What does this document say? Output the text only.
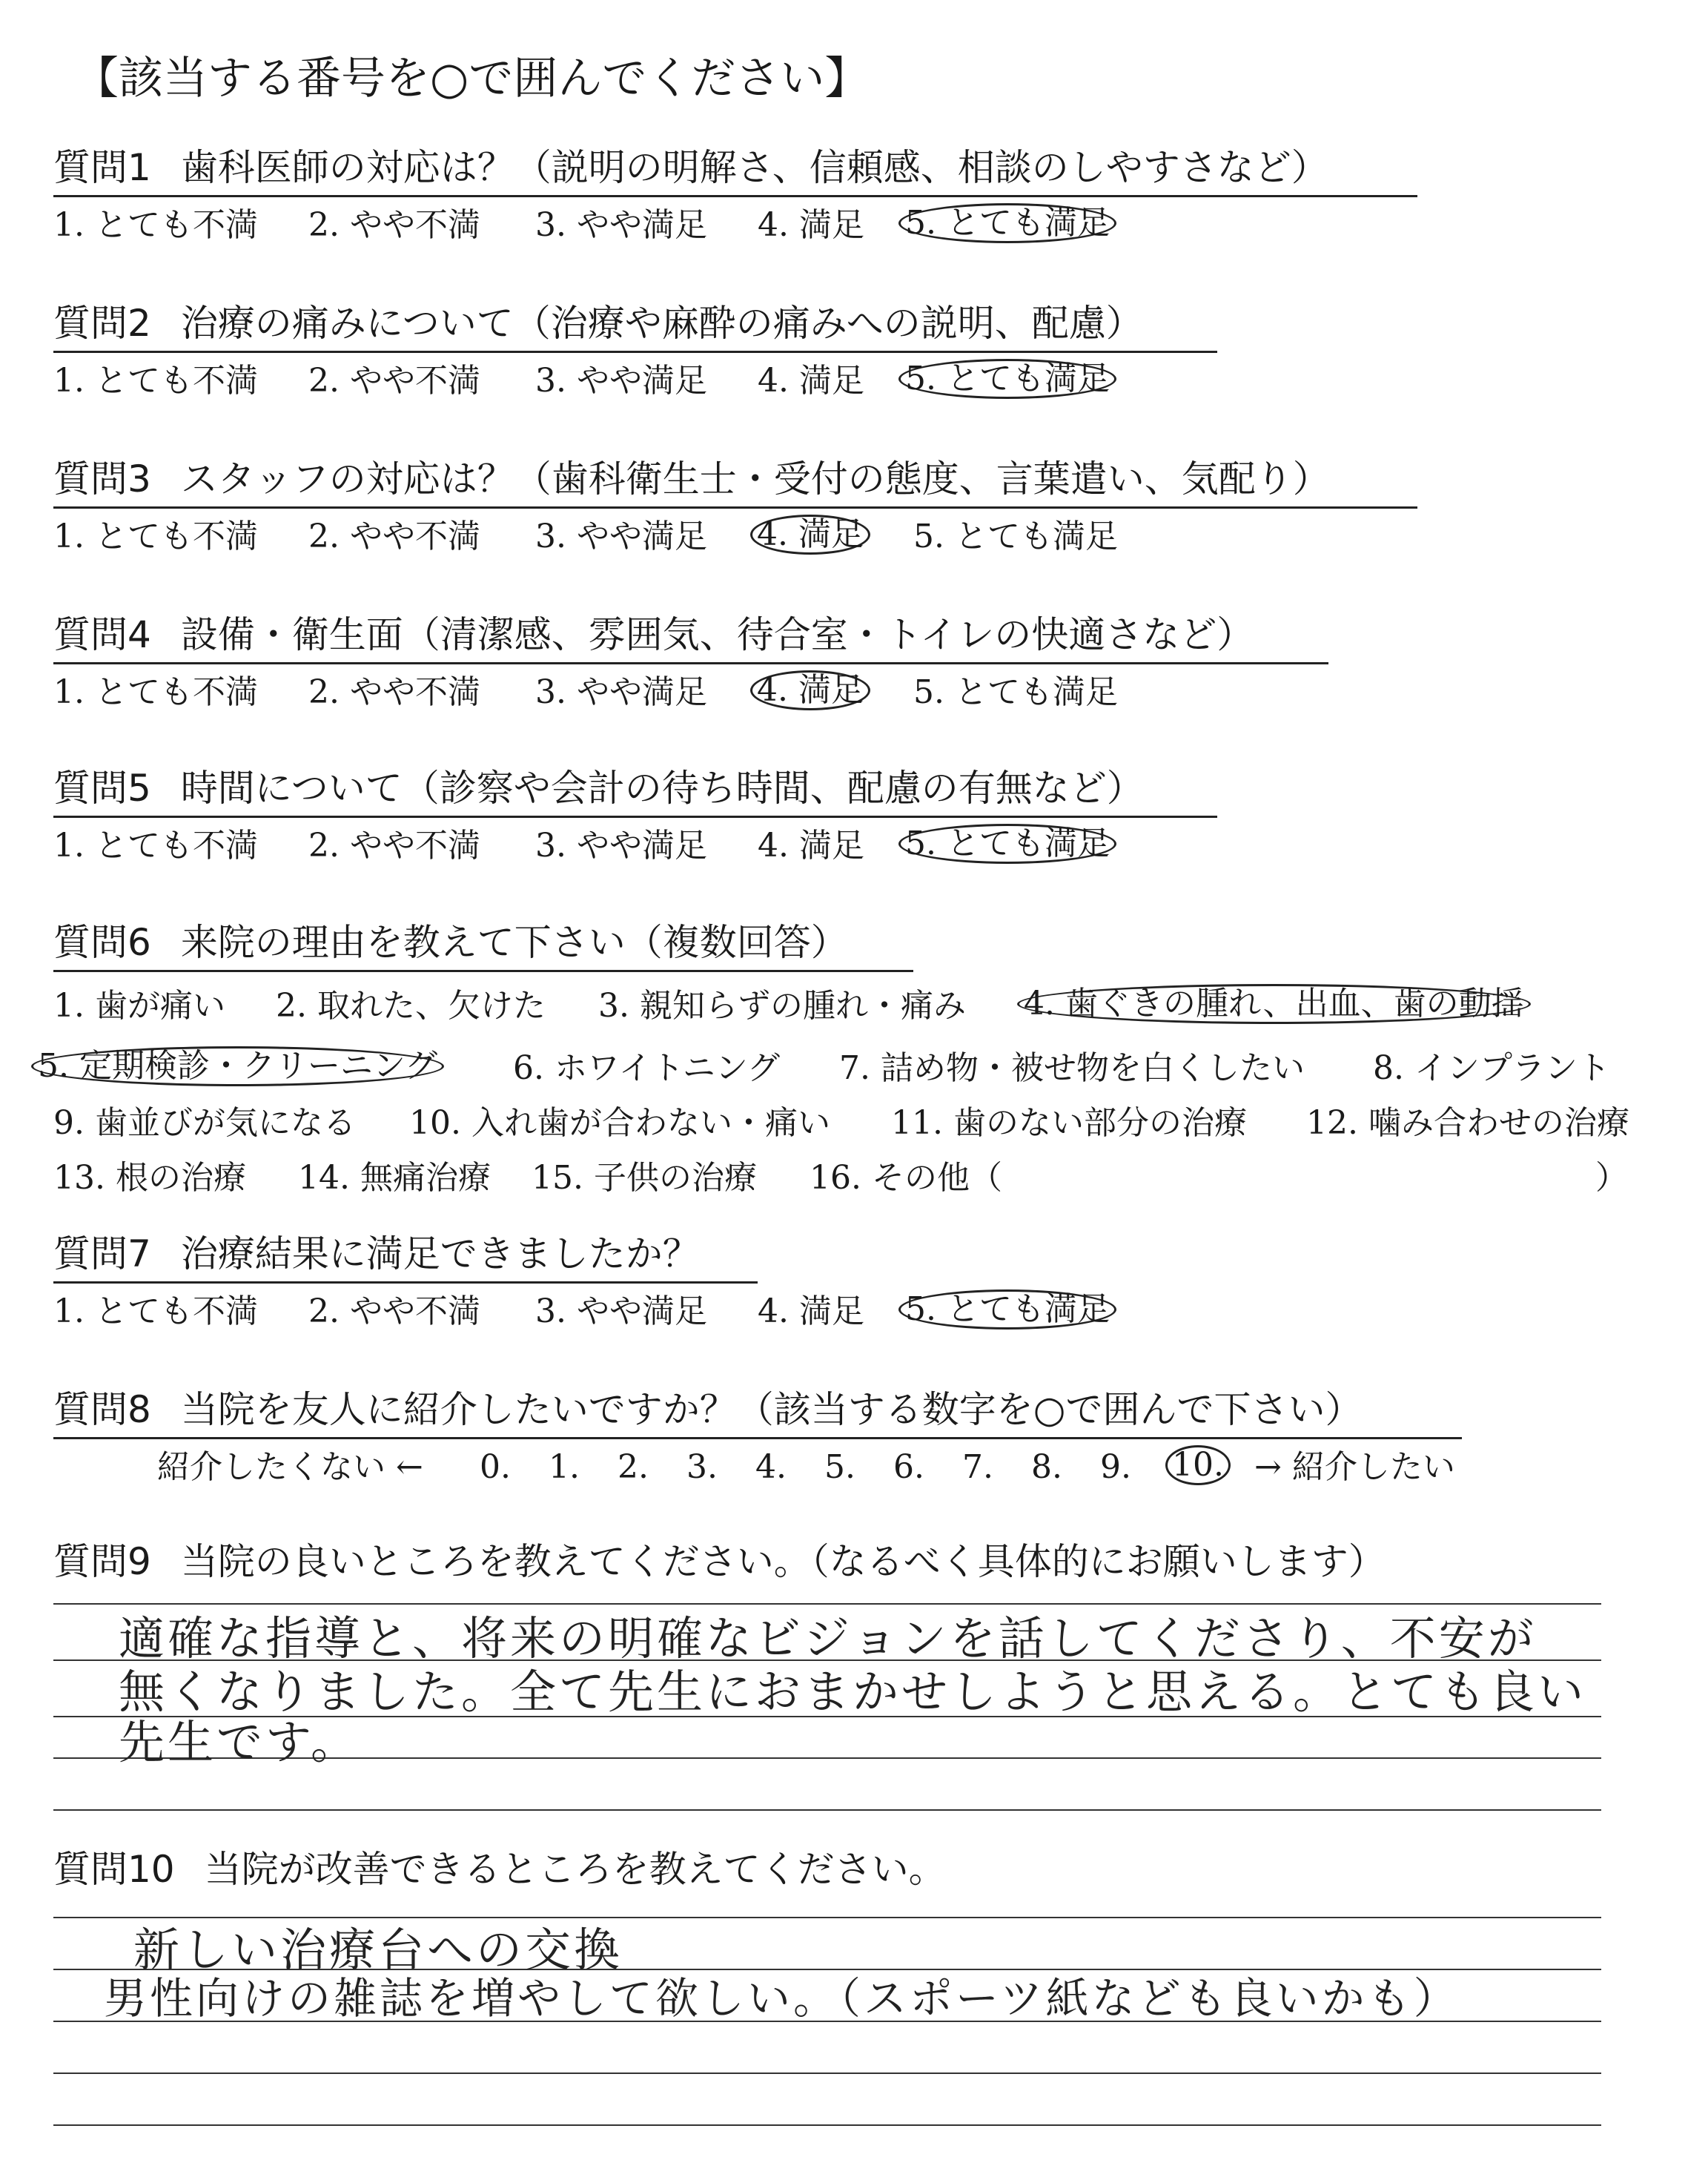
【該当する番号を○で囲んでください】
質問1 歯科医師の対応は？（説明の明解さ、信頼感、相談のしやすさなど）
1. とても不満 2. やや不満 3. やや満足 4. 満足 5. とても満足
質問2 治療の痛みについて（治療や麻酔の痛みへの説明、配慮）
1. とても不満 2. やや不満 3. やや満足 4. 満足 5. とても満足
質問3 スタッフの対応は？（歯科衛生士・受付の態度、言葉遣い、気配り）
1. とても不満 2. やや不満 3. やや満足 4. 満足 5. とても満足
質問4 設備・衛生面（清潔感、雰囲気、待合室・トイレの快適さなど）
1. とても不満 2. やや不満 3. やや満足 4. 満足 5. とても満足
質問5 時間について（診察や会計の待ち時間、配慮の有無など）
1. とても不満 2. やや不満 3. やや満足 4. 満足 5. とても満足
質問6 来院の理由を教えて下さい（複数回答）
1. 歯が痛い 2. 取れた、欠けた 3. 親知らずの腫れ・痛み 4. 歯ぐきの腫れ、出血、歯の動揺
5. 定期検診・クリーニング 6. ホワイトニング 7. 詰め物・被せ物を白くしたい 8. インプラント
9. 歯並びが気になる 10. 入れ歯が合わない・痛い 11. 歯のない部分の治療 12. 噛み合わせの治療
13. 根の治療 14. 無痛治療 15. 子供の治療 16. その他（	）
質問7 治療結果に満足できましたか？
1. とても不満 2. やや不満 3. やや満足 4. 満足 5. とても満足
質問8 当院を友人に紹介したいですか？（該当する数字を○で囲んで下さい）
紹介したくない ← 0. 1. 2. 3. 4. 5. 6. 7. 8. 9. 10. → 紹介したい
質問9 当院の良いところを教えてください。（なるべく具体的にお願いします）
適確な指導と、将来の明確なビジョンを話してくださり、不安が
無くなりました。全て先生におまかせしようと思える。とても良い
先生です。
質問10 当院が改善できるところを教えてください。
新しい治療台への交換
男性向けの雑誌を増やして欲しい。（スポーツ紙なども良いかも）
